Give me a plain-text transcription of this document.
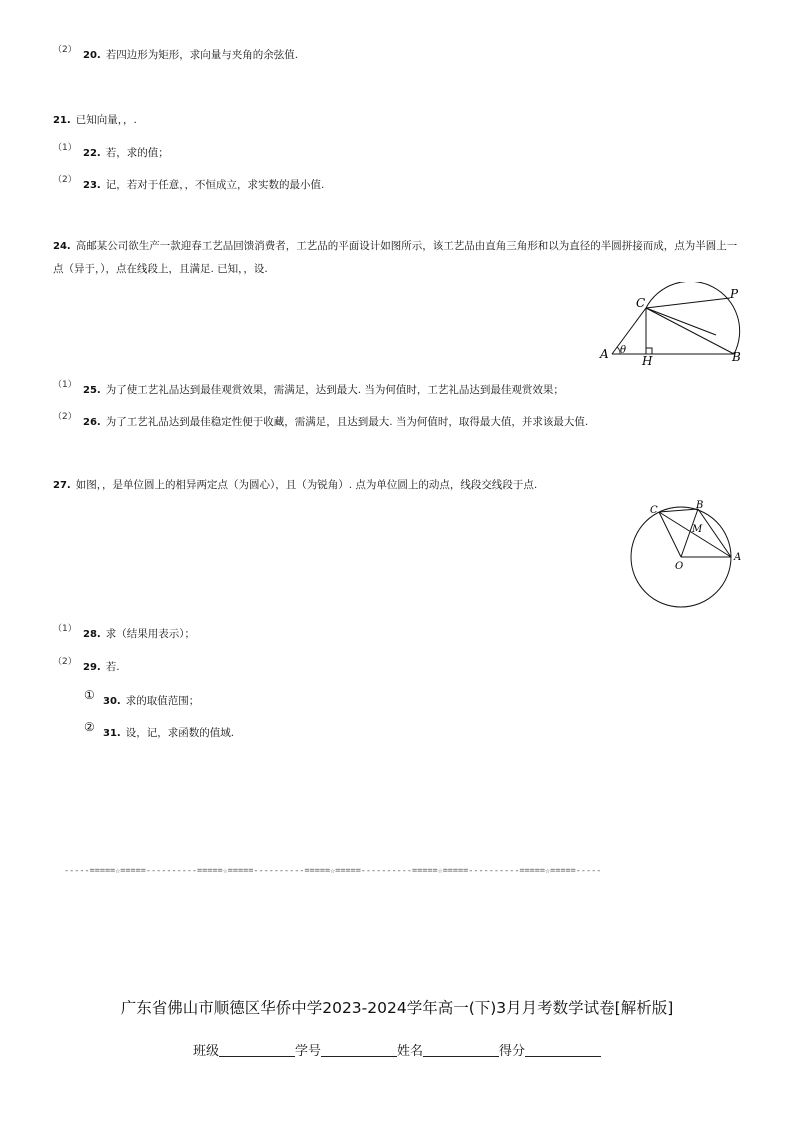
（2） 20. 若四边形为矩形，求向量与夹角的余弦值.
21. 已知向量，，.
（1） 22. 若，求的值；
（2） 23. 记，若对于任意，，不恒成立，求实数的最小值.
24. 高邮某公司欲生产一款迎春工艺品回馈消费者，工艺品的平面设计如图所示，该工艺品由直角三角形和以为直径的半圆拼接而成，点为半圆上一点（异于，），点在线段上，且满足. 已知，，设.
C
P
A θ	B
H
（1） 25. 为了使工艺礼品达到最佳观赏效果，需满足，达到最大. 当为何值时，工艺礼品达到最佳观赏效果；
（2） 26. 为了工艺礼品达到最佳稳定性便于收藏，需满足，且达到最大. 当为何值时，取得最大值，并求该最大值.
27. 如图，，是单位圆上的相异两定点（为圆心），且（为锐角）. 点为单位圆上的动点，线段交线段于点.
C	B
M
A
O
（1） 28. 求（结果用表示）；
（2） 29. 若.
① 30. 求的取值范围；
② 31. 设，记，求函数的值域.
-----=====☆=====----------=====☆=====----------=====☆=====----------=====☆=====----------=====☆=====-----
广东省佛山市顺德区华侨中学2023-2024学年高一(下)3月月考数学试卷[解析版]
班级	学号	姓名	得分
